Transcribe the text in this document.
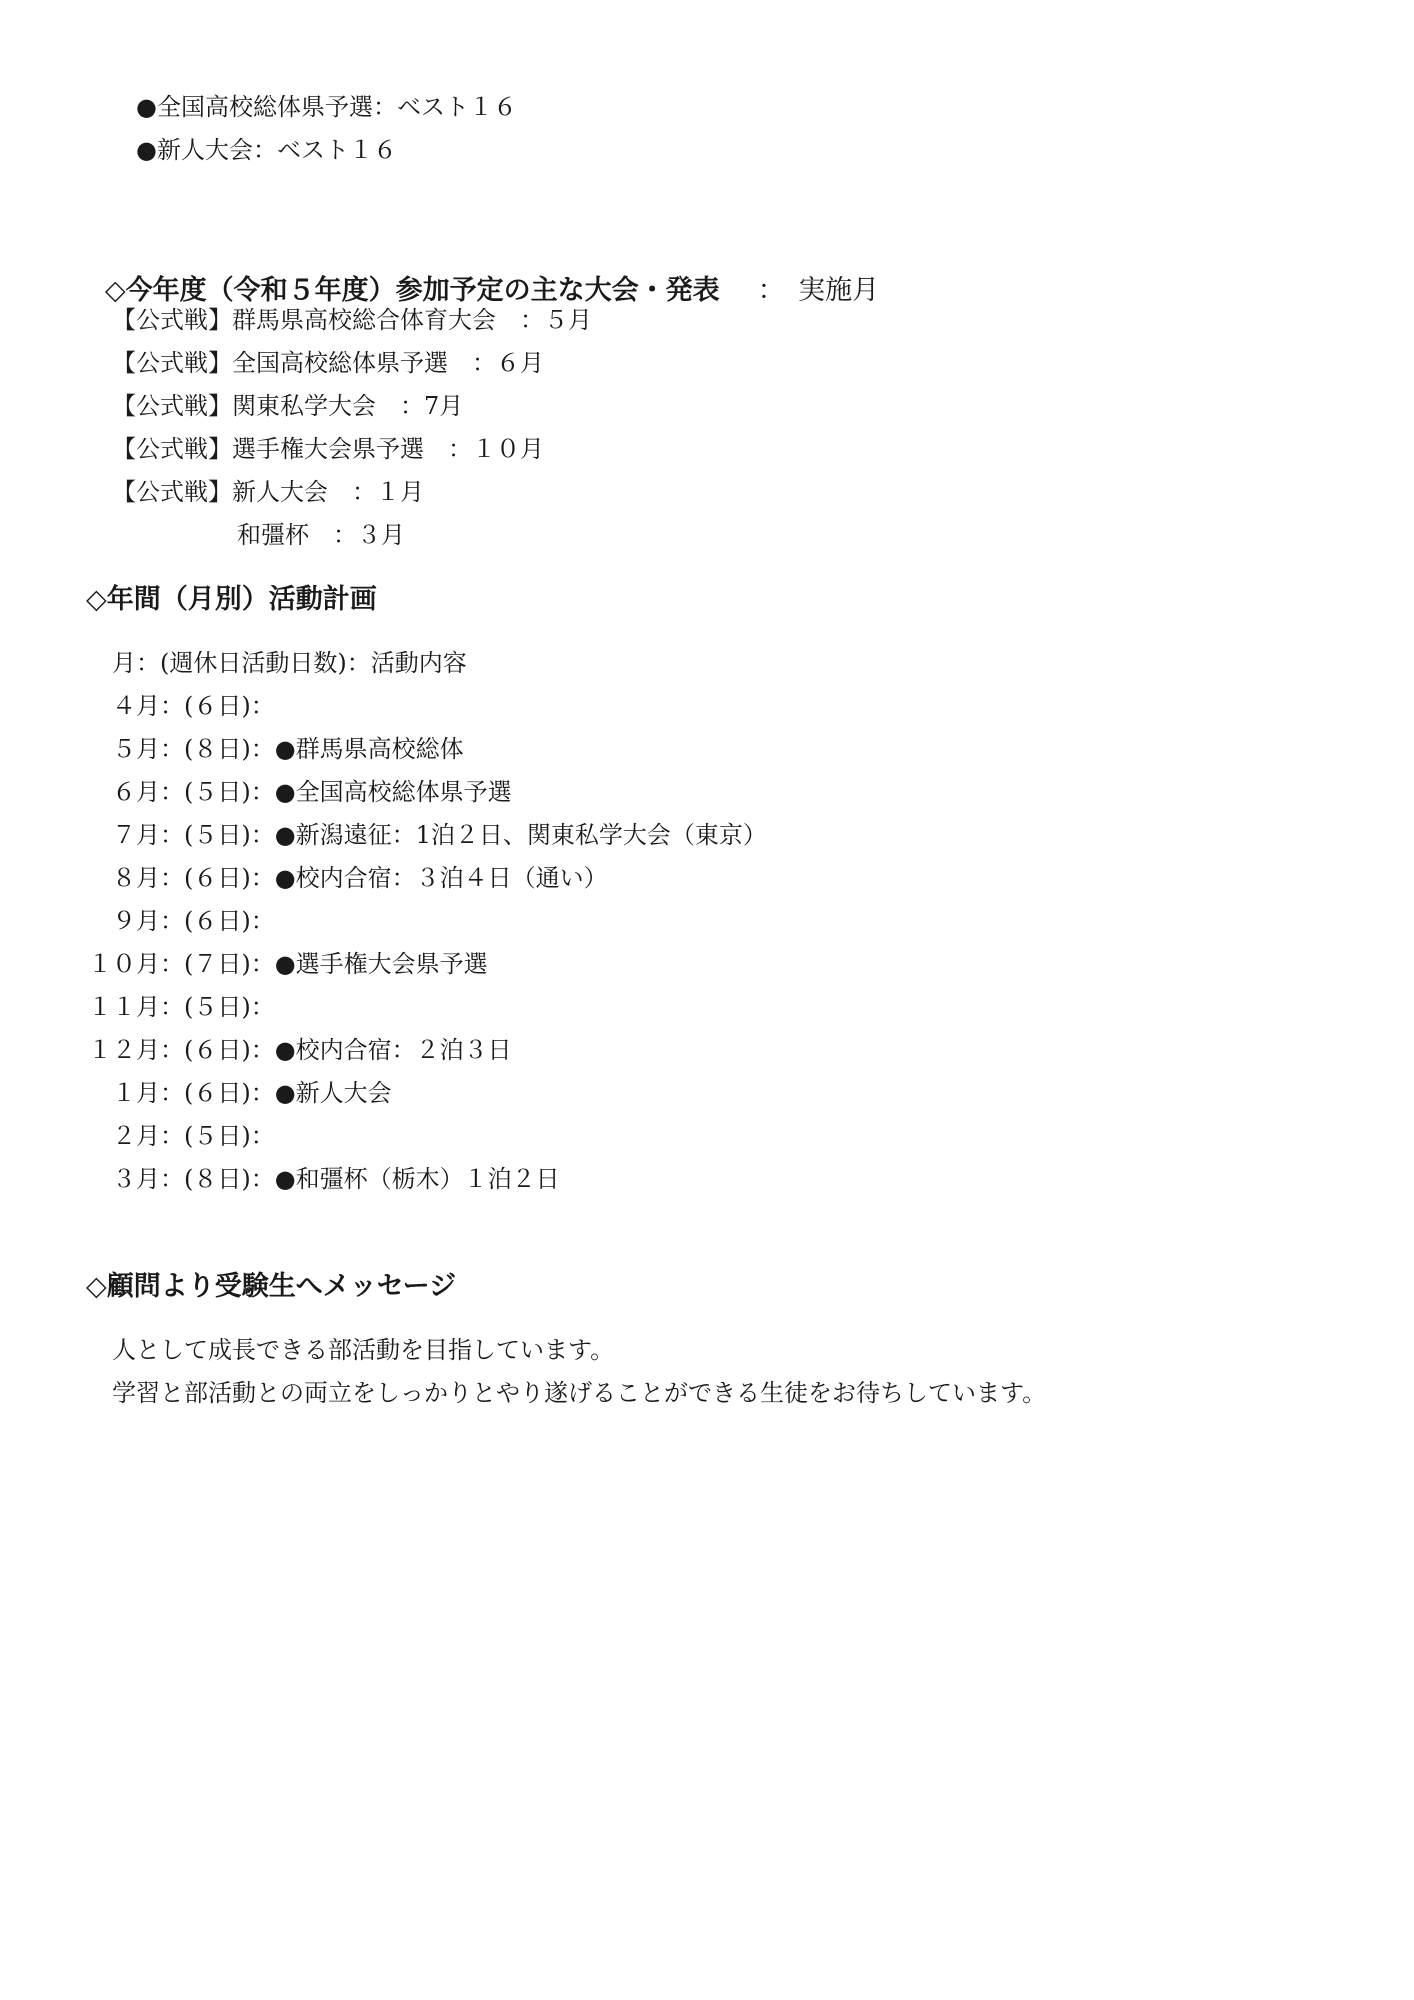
●全国高校総体県予選：ベスト１６
●新人大会：ベスト１６

◇今年度（令和５年度）参加予定の主な大会・発表 ：　実施月

【公式戦】群馬県高校総合体育大会　：５月
【公式戦】全国高校総体県予選　：６月
【公式戦】関東私学大会　：7月
【公式戦】選手権大会県予選　：１０月
【公式戦】新人大会　：１月
和彊杯　：３月
◇年間（月別）活動計画
月：(週休日活動日数)：活動内容
４月：(６日)：
５月：(８日)：●群馬県高校総体
６月：(５日)：●全国高校総体県予選
７月：(５日)：●新潟遠征：1泊２日、関東私学大会（東京）
８月：(６日)：●校内合宿：３泊４日（通い）
９月：(６日)：
１０月：(７日)：●選手権大会県予選
１１月：(５日)：
１２月：(６日)：●校内合宿：２泊３日
１月：(６日)：●新人大会
２月：(５日)：
３月：(８日)：●和彊杯（栃木）１泊２日
◇顧問より受験生へメッセージ
人として成長できる部活動を目指しています。
学習と部活動との両立をしっかりとやり遂げることができる生徒をお待ちしています。
